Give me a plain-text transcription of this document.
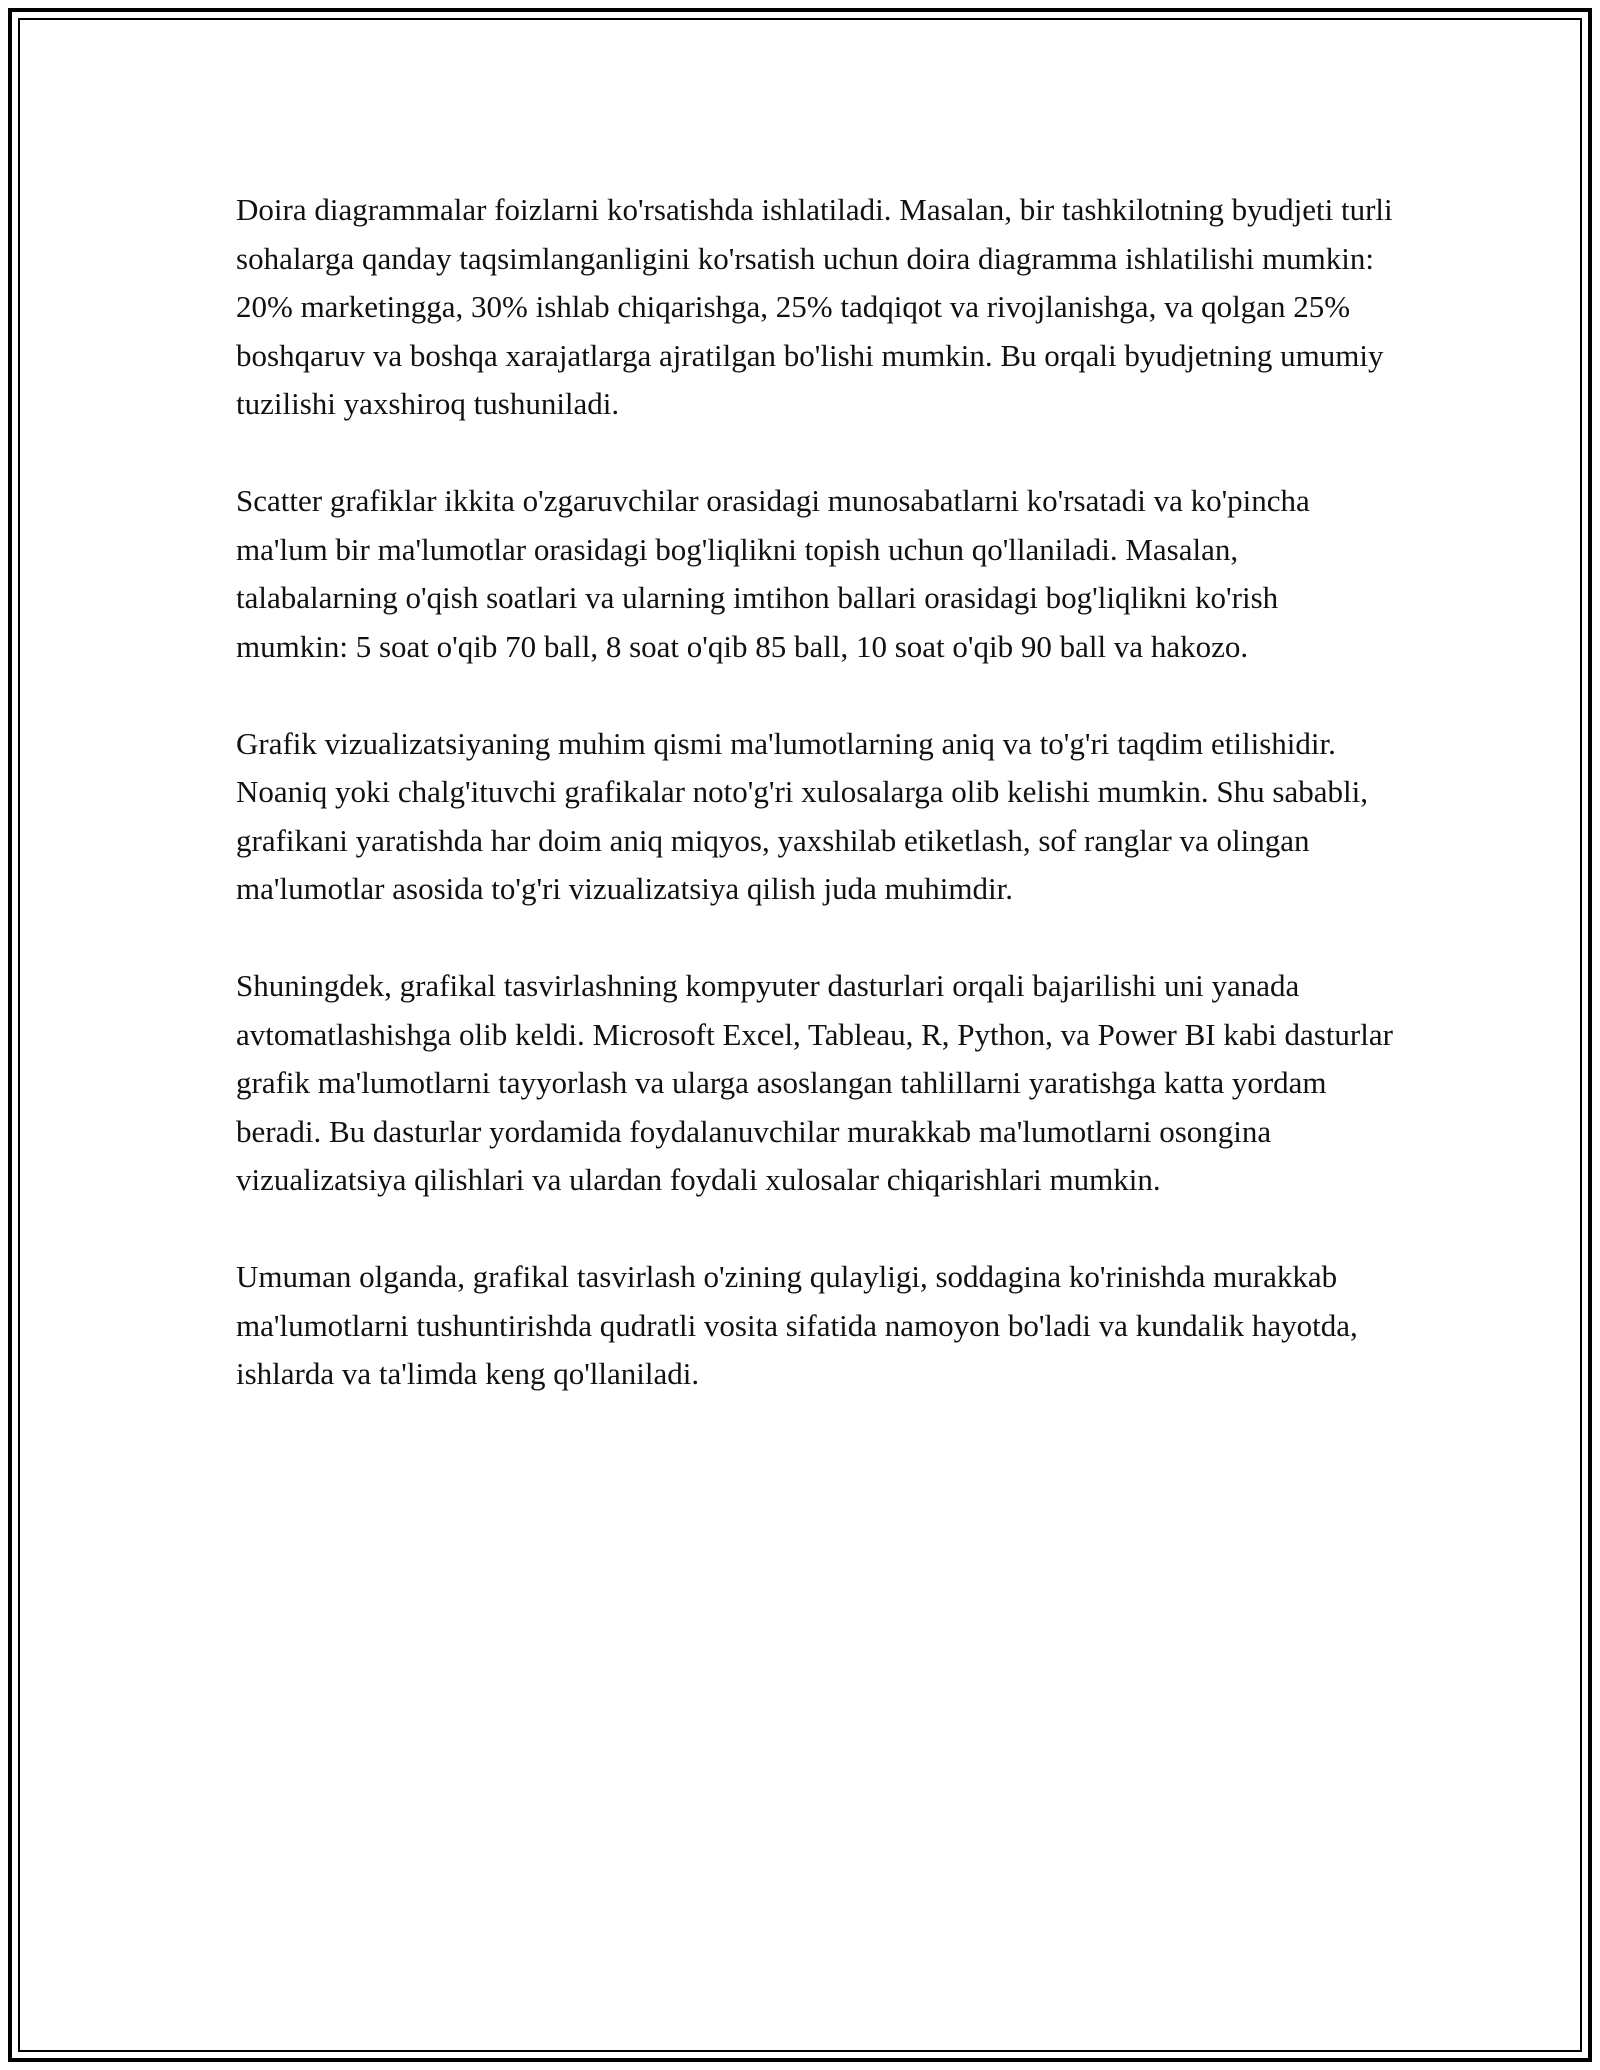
Doira diagrammalar foizlarni ko'rsatishda ishlatiladi. Masalan, bir tashkilotning byudjeti turli sohalarga qanday taqsimlanganligini ko'rsatish uchun doira diagramma ishlatilishi mumkin: 20% marketingga, 30% ishlab chiqarishga, 25% tadqiqot va rivojlanishga, va qolgan 25% boshqaruv va boshqa xarajatlarga ajratilgan bo'lishi mumkin. Bu orqali byudjetning umumiy tuzilishi yaxshiroq tushuniladi.

Scatter grafiklar ikkita o'zgaruvchilar orasidagi munosabatlarni ko'rsatadi va ko'pincha ma'lum bir ma'lumotlar orasidagi bog'liqlikni topish uchun qo'llaniladi. Masalan, talabalarning o'qish soatlari va ularning imtihon ballari orasidagi bog'liqlikni ko'rish mumkin: 5 soat o'qib 70 ball, 8 soat o'qib 85 ball, 10 soat o'qib 90 ball va hakozo.

Grafik vizualizatsiyaning muhim qismi ma'lumotlarning aniq va to'g'ri taqdim etilishidir. Noaniq yoki chalg'ituvchi grafikalar noto'g'ri xulosalarga olib kelishi mumkin. Shu sababli, grafikani yaratishda har doim aniq miqyos, yaxshilab etiketlash, sof ranglar va olingan ma'lumotlar asosida to'g'ri vizualizatsiya qilish juda muhimdir.

Shuningdek, grafikal tasvirlashning kompyuter dasturlari orqali bajarilishi uni yanada avtomatlashishga olib keldi. Microsoft Excel, Tableau, R, Python, va Power BI kabi dasturlar grafik ma'lumotlarni tayyorlash va ularga asoslangan tahlillarni yaratishga katta yordam beradi. Bu dasturlar yordamida foydalanuvchilar murakkab ma'lumotlarni osongina vizualizatsiya qilishlari va ulardan foydali xulosalar chiqarishlari mumkin.

Umuman olganda, grafikal tasvirlash o'zining qulayligi, soddagina ko'rinishda murakkab ma'lumotlarni tushuntirishda qudratli vosita sifatida namoyon bo'ladi va kundalik hayotda, ishlarda va ta'limda keng qo'llaniladi.
